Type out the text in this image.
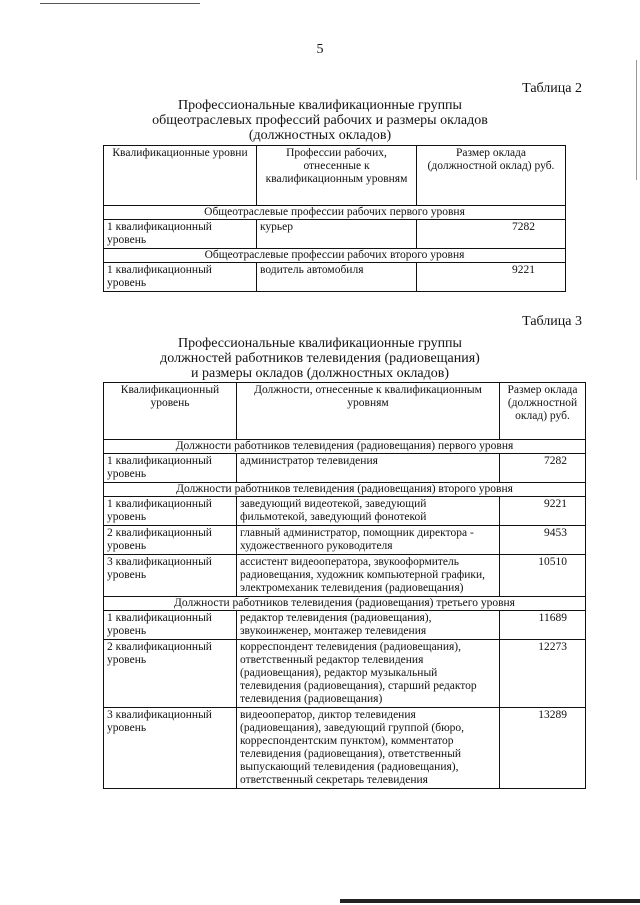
5
Таблица 2
Профессиональные квалификационные группы
общеотраслевых профессий рабочих и размеры окладов
(должностных окладов)
Квалификационные уровни	Профессии рабочих, отнесенные к квалификационным уровням	Размер оклада (должностной оклад) руб.
Общеотраслевые профессии рабочих первого уровня		
1 квалификационный уровень	курьер	7282
Общеотраслевые профессии рабочих второго уровня		
1 квалификационный уровень	водитель автомобиля	9221
Таблица 3
Профессиональные квалификационные группы
должностей работников телевидения (радиовещания)
и размеры окладов (должностных окладов)
Квалификационный уровень	Должности, отнесенные к квалификационным уровням	Размер оклада (должностной оклад) руб.
Должности работников телевидения (радиовещания) первого уровня		
1 квалификационный уровень	администратор телевидения	7282
Должности работников телевидения (радиовещания) второго уровня		
1 квалификационный уровень	заведующий видеотекой, заведующий фильмотекой, заведующий фонотекой	9221
2 квалификационный уровень	главный администратор, помощник директора - художественного руководителя	9453
3 квалификационный уровень	ассистент видеооператора, звукооформитель радиовещания, художник компьютерной графики, электромеханик телевидения (радиовещания)	10510
Должности работников телевидения (радиовещания) третьего уровня		
1 квалификационный уровень	редактор телевидения (радиовещания), звукоинженер, монтажер телевидения	11689
2 квалификационный уровень	корреспондент телевидения (радиовещания), ответственный редактор телевидения (радиовещания), редактор музыкальный телевидения (радиовещания), старший редактор телевидения (радиовещания)	12273
3 квалификационный уровень	видеооператор, диктор телевидения (радиовещания), заведующий группой (бюро, корреспондентским пунктом), комментатор телевидения (радиовещания), ответственный выпускающий телевидения (радиовещания), ответственный секретарь телевидения	13289
